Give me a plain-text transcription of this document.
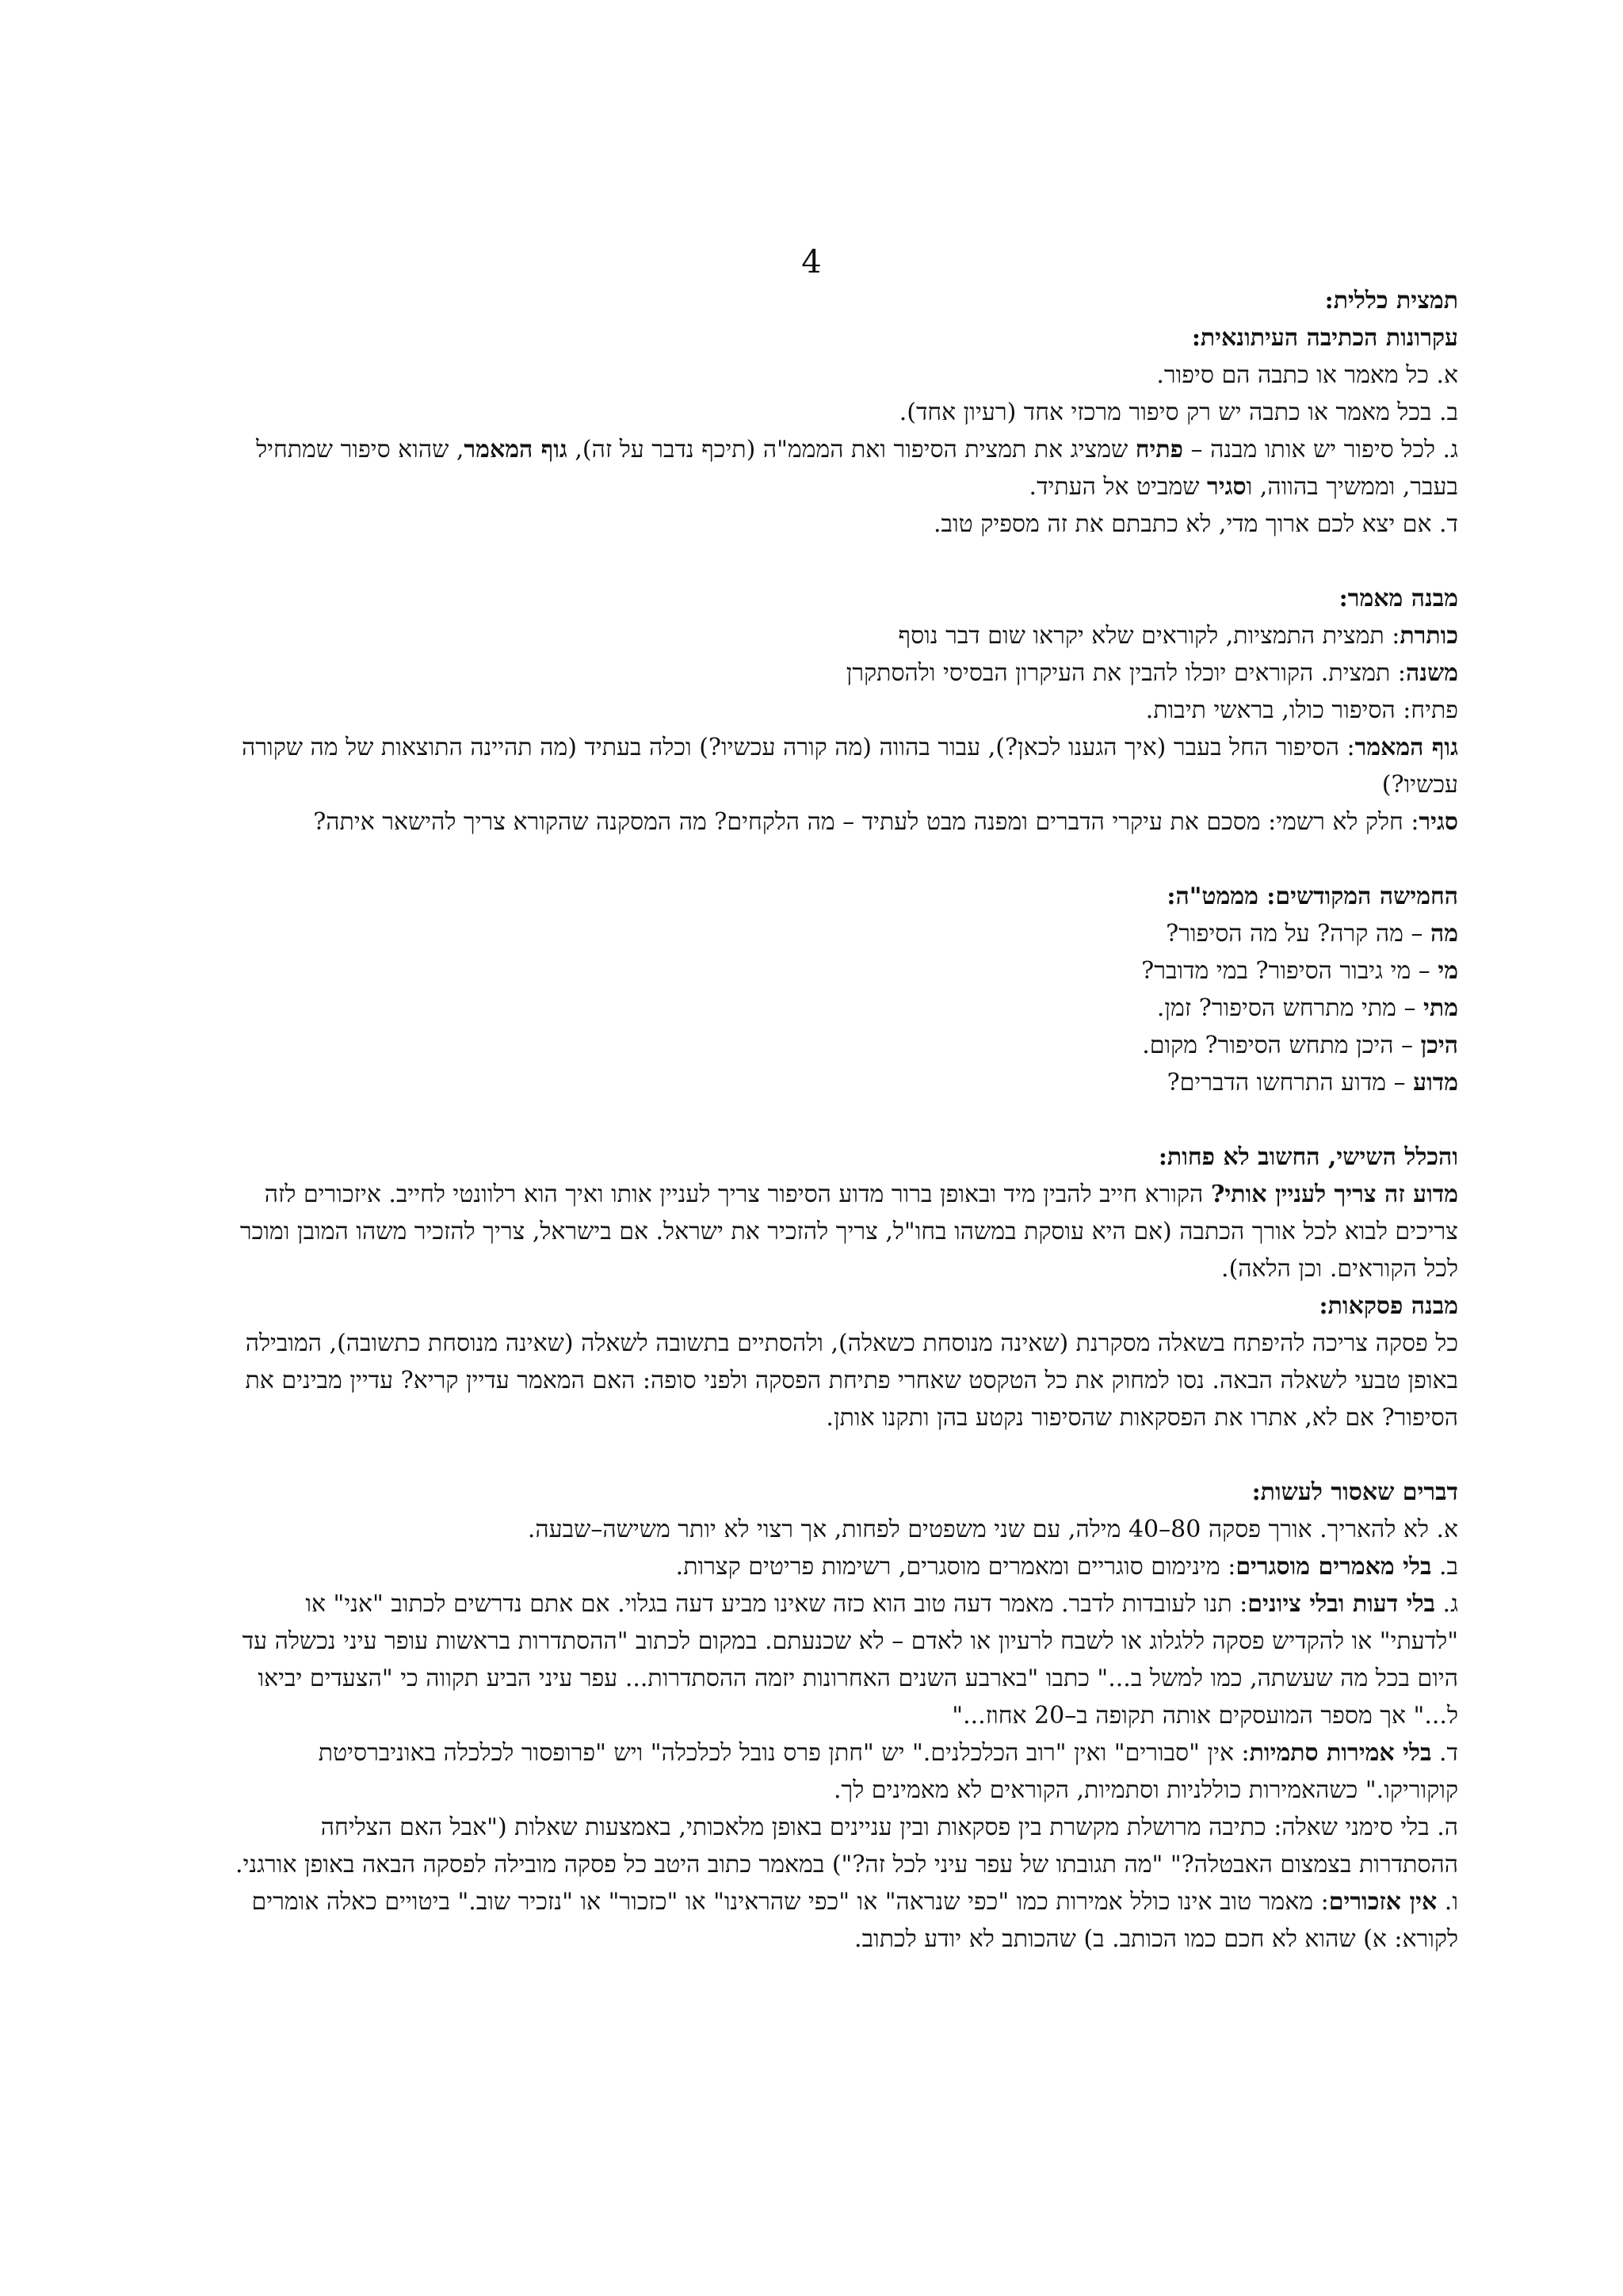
4

תמצית כללית:

עקרונות הכתיבה העיתונאית:

א. כל מאמר או כתבה הם סיפור.

ב. בכל מאמר או כתבה יש רק סיפור מרכזי אחד (רעיון אחד).

ג. לכל סיפור יש אותו מבנה – פתיח שמציג את תמצית הסיפור ואת המממ"ה (תיכף נדבר על זה), גוף המאמר, שהוא סיפור שמתחיל בעבר, וממשיך בהווה, וסגיר שמביט אל העתיד.

ד. אם יצא לכם ארוך מדי, לא כתבתם את זה מספיק טוב.

מבנה מאמר:

כותרת: תמצית התמציות, לקוראים שלא יקראו שום דבר נוסף

משנה: תמצית. הקוראים יוכלו להבין את העיקרון הבסיסי ולהסתקרן

פתיח: הסיפור כולו, בראשי תיבות.

גוף המאמר: הסיפור החל בעבר (איך הגענו לכאן?), עבור בהווה (מה קורה עכשיו?) וכלה בעתיד (מה תהיינה התוצאות של מה שקורה עכשיו?)

סגיר: חלק לא רשמי: מסכם את עיקרי הדברים ומפנה מבט לעתיד – מה הלקחים? מה המסקנה שהקורא צריך להישאר איתה?

החמישה המקודשים: מממט"ה:

מה – מה קרה? על מה הסיפור?

מי – מי גיבור הסיפור? במי מדובר?

מתי – מתי מתרחש הסיפור? זמן.

היכן – היכן מתחש הסיפור? מקום.

מדוע – מדוע התרחשו הדברים?

והכלל השישי, החשוב לא פחות:

מדוע זה צריך לעניין אותי? הקורא חייב להבין מיד ובאופן ברור מדוע הסיפור צריך לעניין אותו ואיך הוא רלוונטי לחייב. איזכורים לזה צריכים לבוא לכל אורך הכתבה (אם היא עוסקת במשהו בחו"ל, צריך להזכיר את ישראל. אם בישראל, צריך להזכיר משהו המובן ומוכר לכל הקוראים. וכן הלאה).

מבנה פסקאות:

כל פסקה צריכה להיפתח בשאלה מסקרנת (שאינה מנוסחת כשאלה), ולהסתיים בתשובה לשאלה (שאינה מנוסחת כתשובה), המובילה באופן טבעי לשאלה הבאה. נסו למחוק את כל הטקסט שאחרי פתיחת הפסקה ולפני סופה: האם המאמר עדיין קריא? עדיין מבינים את הסיפור? אם לא, אתרו את הפסקאות שהסיפור נקטע בהן ותקנו אותן.

דברים שאסור לעשות:

א. לא להאריך. אורך פסקה 80–40 מילה, עם שני משפטים לפחות, אך רצוי לא יותר משישה–שבעה.

ב. בלי מאמרים מוסגרים: מינימום סוגריים ומאמרים מוסגרים, רשימות פריטים קצרות.

ג. בלי דעות ובלי ציונים: תנו לעובדות לדבר. מאמר דעה טוב הוא כזה שאינו מביע דעה בגלוי. אם אתם נדרשים לכתוב "אני" או "לדעתי" או להקדיש פסקה ללגלוג או לשבח לרעיון או לאדם – לא שכנעתם. במקום לכתוב "ההסתדרות בראשות עופר עיני נכשלה עד היום בכל מה שעשתה, כמו למשל ב..." כתבו "בארבע השנים האחרונות יזמה ההסתדרות... עפר עיני הביע תקווה כי "הצעדים יביאו ל..." אך מספר המועסקים אותה תקופה ב–20 אחוז..."

ד. בלי אמירות סתמיות: אין "סבורים" ואין "רוב הכלכלנים." יש "חתן פרס נובל לכלכלה" ויש "פרופסור לכלכלה באוניברסיטת קוקוריקו." כשהאמירות כוללניות וסתמיות, הקוראים לא מאמינים לך.

ה. בלי סימני שאלה: כתיבה מרושלת מקשרת בין פסקאות ובין עניינים באופן מלאכותי, באמצעות שאלות ("אבל האם הצליחה ההסתדרות בצמצום האבטלה?" "מה תגובתו של עפר עיני לכל זה?") במאמר כתוב היטב כל פסקה מובילה לפסקה הבאה באופן אורגני.

ו. אין אזכורים: מאמר טוב אינו כולל אמירות כמו "כפי שנראה" או "כפי שהראינו" או "כזכור" או "נזכיר שוב." ביטויים כאלה אומרים לקורא: א) שהוא לא חכם כמו הכותב. ב) שהכותב לא יודע לכתוב.
